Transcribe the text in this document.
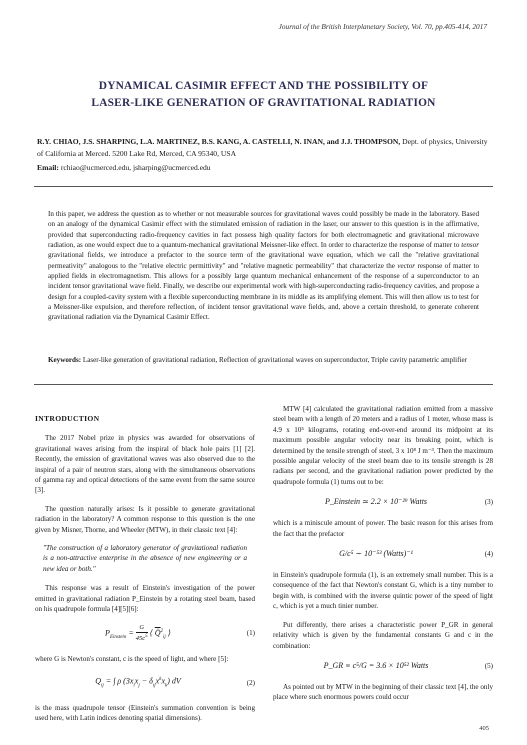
Journal of the British Interplanetary Society, Vol. 70, pp.405-414, 2017
DYNAMICAL CASIMIR EFFECT AND THE POSSIBILITY OF
LASER-LIKE GENERATION OF GRAVITATIONAL RADIATION
R.Y. CHIAO, J.S. SHARPING, L.A. MARTINEZ, B.S. KANG, A. CASTELLI, N. INAN, and J.J. THOMPSON, Dept. of physics, University of California at Merced. 5200 Lake Rd, Merced, CA 95340, USA
Email: rchiao@ucmerced.edu, jsharping@ucmerced.edu
In this paper, we address the question as to whether or not measurable sources for gravitational waves could possibly be made in the laboratory. Based on an analogy of the dynamical Casimir effect with the stimulated emission of radiation in the laser, our answer to this question is in the affirmative, provided that superconducting radio-frequency cavities in fact possess high quality factors for both electromagnetic and gravitational microwave radiation, as one would expect due to a quantum-mechanical gravitational Meissner-like effect. In order to characterize the response of matter to tensor gravitational fields, we introduce a prefactor to the source term of the gravitational wave equation, which we call the "relative gravitational permeativity" analogous to the "relative electric permittivity" and "relative magnetic permeability" that characterize the vector response of matter to applied fields in electromagnetism. This allows for a possibly large quantum mechanical enhancement of the response of a superconductor to an incident tensor gravitational wave field. Finally, we describe our experimental work with high-superconducting radio-frequency cavities, and propose a design for a coupled-cavity system with a flexible superconducting membrane in its middle as its amplifying element. This will then allow us to test for a Meissner-like expulsion, and therefore reflection, of incident tensor gravitational wave fields, and, above a certain threshold, to generate coherent gravitational radiation via the Dynamical Casimir Effect.
Keywords: Laser-like generation of gravitational radiation, Reflection of gravitational waves on superconductor, Triple cavity parametric amplifier
INTRODUCTION

The 2017 Nobel prize in physics was awarded for observations of gravitational waves arising from the inspiral of black hole pairs [1] [2]. Recently, the emission of gravitational waves was also observed due to the inspiral of a pair of neutron stars, along with the simultaneous observations of gamma ray and optical detections of the same event from the same source [3].

The question naturally arises: Is it possible to generate gravitational radiation in the laboratory? A common response to this question is the one given by Misner, Thorne, and Wheeler (MTW), in their classic text [4]:

"The construction of a laboratory generator of gravitational radiation is a non-attractive enterprise in the absence of new engineering or a new idea or both."

This response was a result of Einstein's investigation of the power emitted in gravitational radiation P_Einstein by a rotating steel beam, based on his quadrupole formula [4][5][6]:

$P_{Einstein} = \frac{G}{45c^5}$ ⟨ Q̈$^2_{ij}$ ⟩	(1)

where G is Newton's constant, c is the speed of light, and where [5]:

$Q_{ij}$ = ∫ ρ $(3x_ix_j - \delta_{ij}x^kx_k)$ dV	(2)

is the mass quadrupole tensor (Einstein's summation convention is being used here, with Latin indices denoting spatial dimensions).

MTW [4] calculated the gravitational radiation emitted from a massive steel beam with a length of 20 meters and a radius of 1 meter, whose mass is 4.9 x 10⁵ kilograms, rotating end-over-end around its midpoint at its maximum possible angular velocity near its breaking point, which is determined by the tensile strength of steel, 3 x 10⁸ J m⁻³. Then the maximum possible angular velocity of the steel beam due to its tensile strength is 28 radians per second, and the gravitational radiation power predicted by the quadrupole formula (1) turns out to be:

P_Einstein ≃ 2.2 × 10⁻²⁹ Watts	(3)

which is a miniscule amount of power. The basic reason for this arises from the fact that the prefactor

G/c⁵ ∼ 10⁻⁵³ (Watts)⁻¹	(4)

in Einstein's quadrupole formula (1), is an extremely small number. This is a consequence of the fact that Newton's constant G, which is a tiny number to begin with, is combined with the inverse quintic power of the speed of light c, which is yet a much tinier number.

Put differently, there arises a characteristic power P_GR in general relativity which is given by the fundamental constants G and c in the combination:

P_GR ≡ c⁵/G = 3.6 × 10⁵² Watts	(5)

As pointed out by MTW in the beginning of their classic text [4], the only place where such enormous powers could occur

405
